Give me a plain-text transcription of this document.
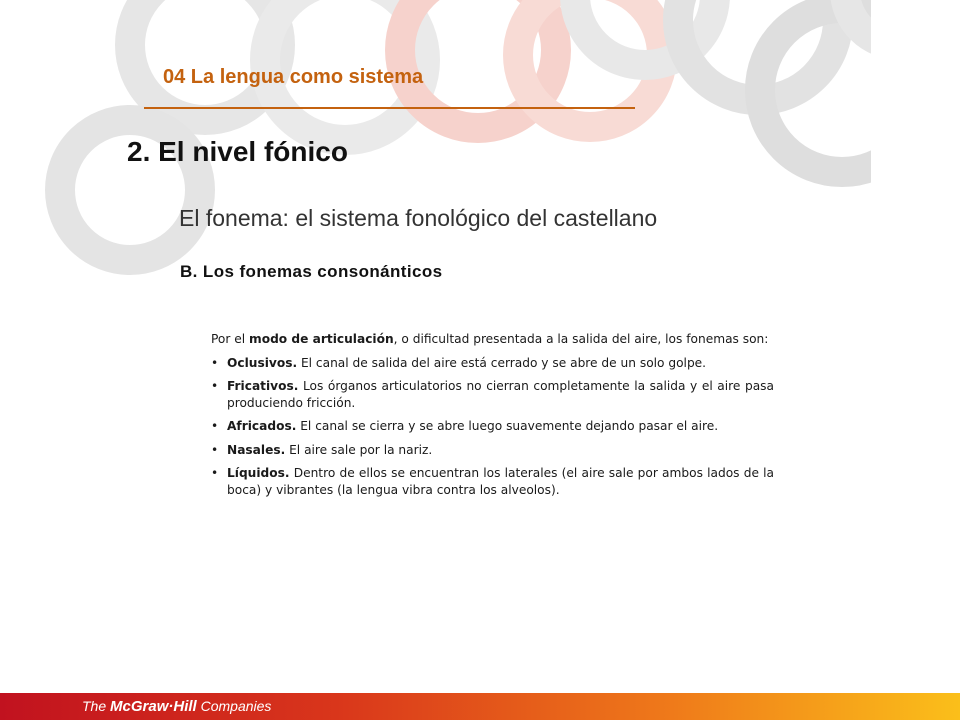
04 La lengua como sistema
2. El nivel fónico
El fonema: el sistema fonológico del castellano
B. Los fonemas consonánticos

Por el modo de articulación, o dificultad presentada a la salida del aire, los fonemas son:

• Oclusivos. El canal de salida del aire está cerrado y se abre de un solo golpe.
• Fricativos. Los órganos articulatorios no cierran completamente la salida y el aire pasa produciendo fricción.
• Africados. El canal se cierra y se abre luego suavemente dejando pasar el aire.
• Nasales. El aire sale por la nariz.
• Líquidos. Dentro de ellos se encuentran los laterales (el aire sale por ambos lados de la boca) y vibrantes (la lengua vibra contra los alveolos).
The McGraw·Hill Companies
